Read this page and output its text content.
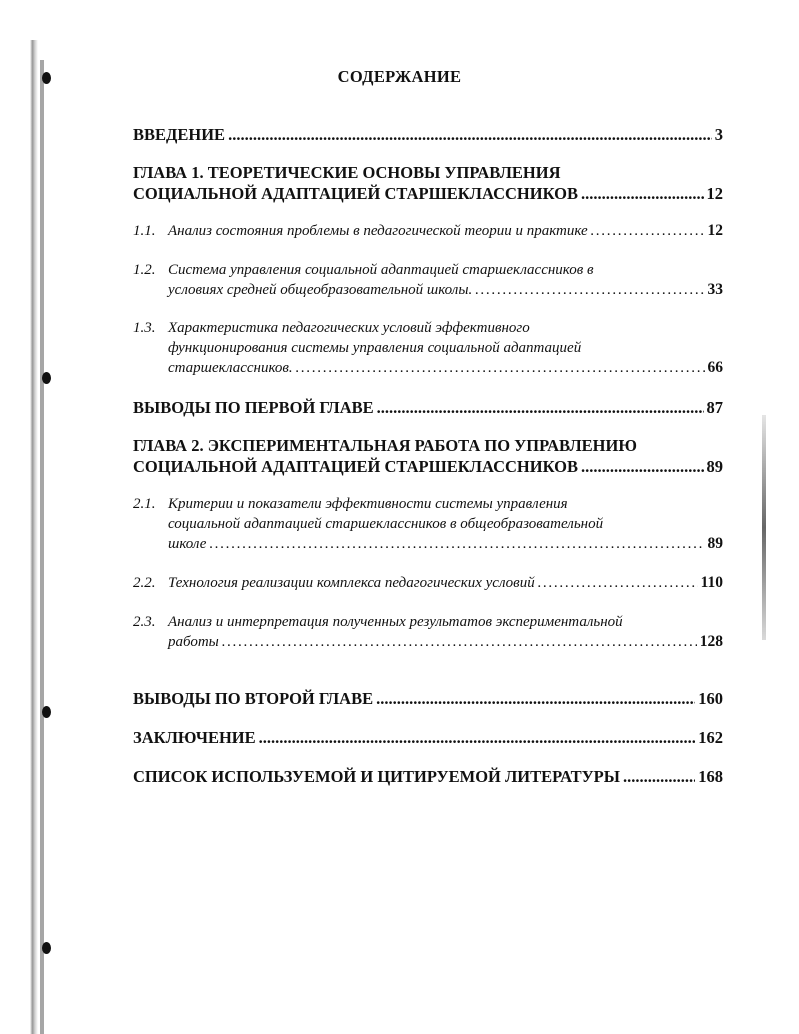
СОДЕРЖАНИЕ
ВВЕДЕНИЕ .....	3
ГЛАВА 1. ТЕОРЕТИЧЕСКИЕ ОСНОВЫ УПРАВЛЕНИЯ
СОЦИАЛЬНОЙ АДАПТАЦИЕЙ СТАРШЕКЛАССНИКОВ .....	12
1.1. Анализ состояния проблемы в педагогической теории и практике . . .	12
1.2. Система управления социальной адаптацией старшеклассников в
условиях средней общеобразовательной школы. . . .	33
1.3. Характеристика педагогических условий эффективного
функционирования системы управления социальной адаптацией
старшеклассников. . . .	66
ВЫВОДЫ ПО ПЕРВОЙ ГЛАВЕ .....	87
ГЛАВА 2. ЭКСПЕРИМЕНТАЛЬНАЯ РАБОТА ПО УПРАВЛЕНИЮ
СОЦИАЛЬНОЙ АДАПТАЦИЕЙ СТАРШЕКЛАССНИКОВ .....	89
2.1. Критерии и показатели эффективности системы управления
социальной адаптацией старшеклассников в общеобразовательной
школе . . .	89
2.2. Технология реализации комплекса педагогических условий . . .	110
2.3. Анализ и интерпретация полученных результатов экспериментальной
работы . . .	128
ВЫВОДЫ ПО ВТОРОЙ ГЛАВЕ .....	160
ЗАКЛЮЧЕНИЕ .....	162
СПИСОК ИСПОЛЬЗУЕМОЙ И ЦИТИРУЕМОЙ ЛИТЕРАТУРЫ .....	168
